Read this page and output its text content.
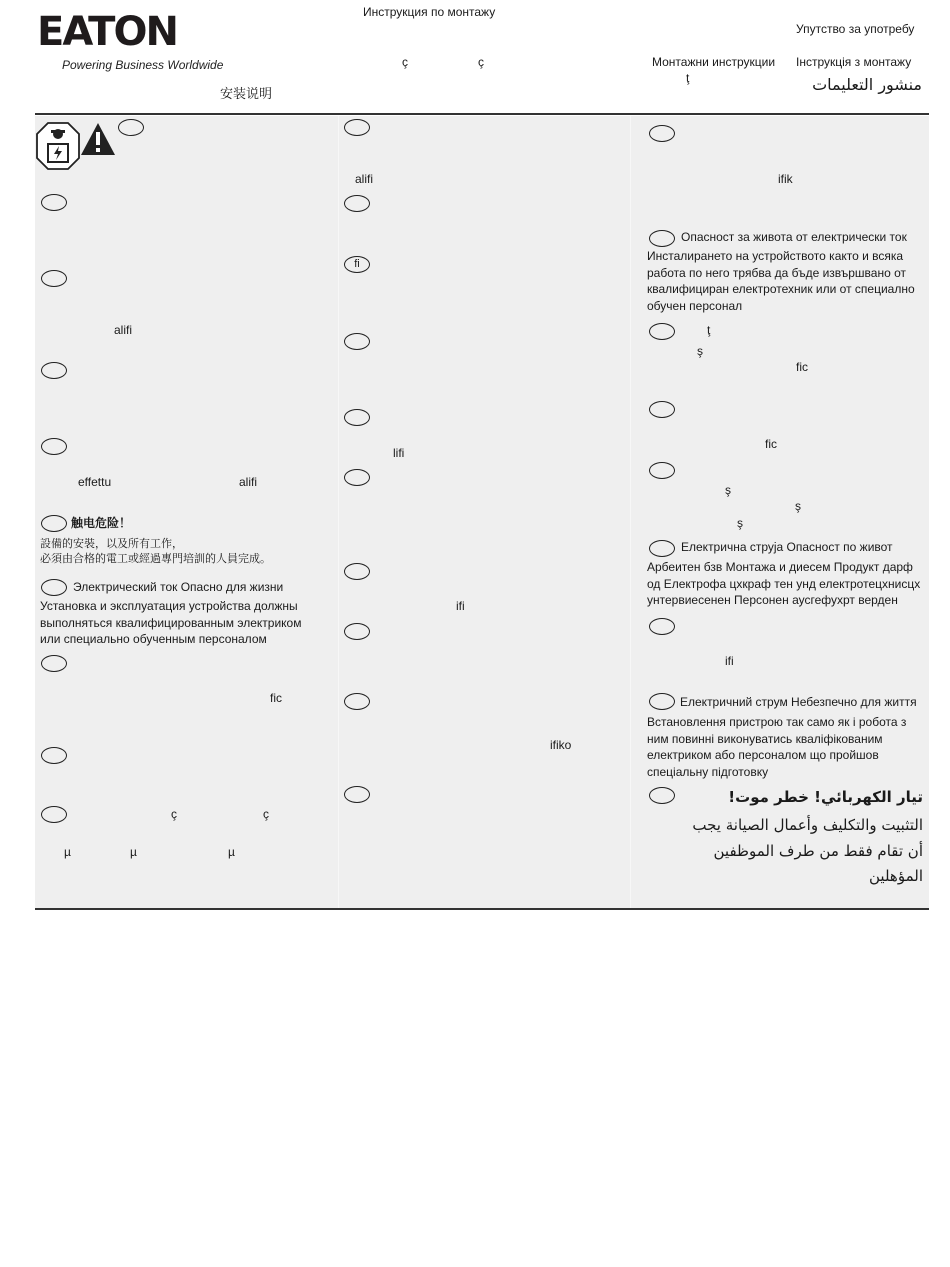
EATON
Powering Business Worldwide
Инструкция по монтажу
Упутство за употребу
Монтажни инструкции Інструкція з монтажу
ç	ç
ţ	منشور التعليمات
安装说明
alifi
effettu	alifi
触电危险！
設備的安裝，以及所有工作，
必須由合格的電工或經過專門培訓的人員完成。
Электрический ток Опасно для жизни
Установка и эксплуатация устройства должны
выполняться квалифицированным электриком
или специально обученным персоналом
fic
ç	ç
µ	µ	µ
alifi
fi
lifi
ifi
ifiko
ifik
Опасност за живота от електрически ток
Инсталирането на устройството както и всяка
работа по него трябва да бъде извършвано от
квалифициран електротехник или от специално
обучен персонал
ţ
ş
fic
fic
ş
ş
ş
Електрична струја Опасност по живот
Арбеитен бзв Монтажа и диесем Продукт дарф
од Електрофа цхкраф тен унд електротецхнисцх
унтервиесенен Персонен аусгефухрт верден
ifi
Електричний струм Небезпечно для життя
Встановлення пристрою так само як і робота з
ним повинні виконуватись кваліфікованим
електриком або персоналом що пройшов
спеціальну підготовку
تيار الكهربائي! خطر موت!
التثبيت والتكليف وأعمال الصيانة يجب
أن تقام فقط من طرف الموظفين
المؤهلين
